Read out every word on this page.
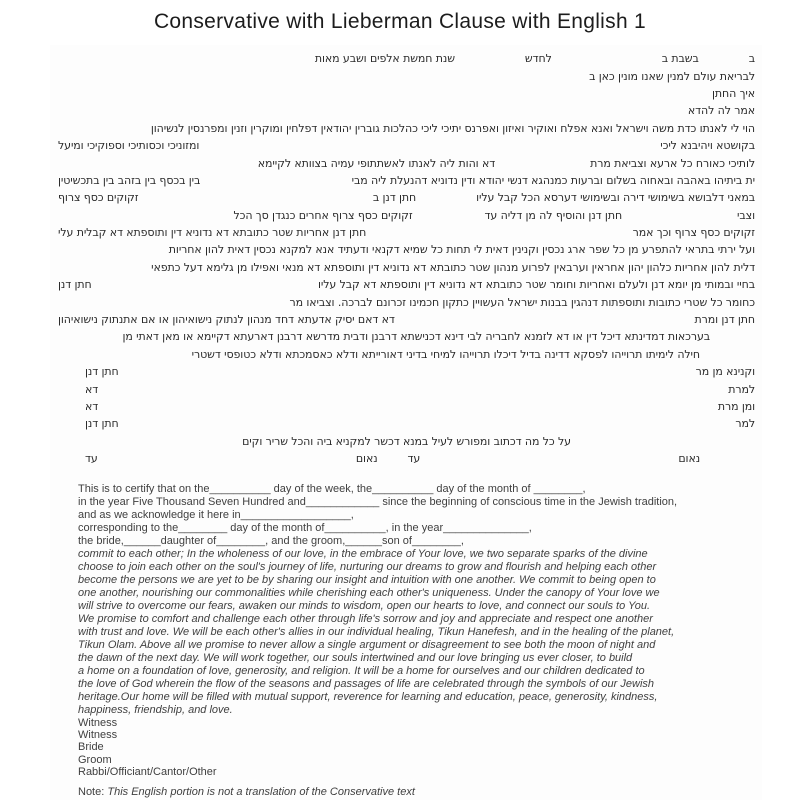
Conservative with Lieberman Clause with English 1
ב
בשבת ב
לחדש
שנת חמשת אלפים ושבע מאות
לבריאת עולם למנין שאנו מונין כאן ב
איך החתן
אמר לה להדא
הוי לי לאנתו כדת משה וישראל ואנא אפלח ואוקיר ואיזון ואפרנס יתיכי ליכי כהלכות גוברין יהודאין דפלחין ומוקרין וזנין ומפרנסין לנשיהון
בקושטא ויהיבנא ליכי
ומזוניכי וכסותיכי וספוקיכי ומיעל
לותיכי כאורח כל ארעא וצביאת מרת
דא והות ליה לאנתו לאשתתופי עמיה בצוותא לקיימא
ית ביתיהו באהבה ובאחוה בשלום וברעות כמנהגא דנשי יהודא ודין נדוניא דהנעלת ליה מבי
בין בכסף בין בזהב בין בתכשיטין
במאני דלבושא בשימושי דירה ובשימושי דערסא הכל קבל עליו
חתן דנן ב
זקוקים כסף צרוף
וצבי
חתן דנן והוסיף לה מן דליה עד
זקוקים כסף צרוף אחרים כנגדן סך הכל
זקוקים כסף צרוף וכך אמר
חתן דנן אחריות שטר כתובתא דא נדוניא דין ותוספתא דא קבלית עלי
ועל ירתי בתראי להתפרע מן כל שפר ארג נכסין וקנינין דאית לי תחות כל שמיא דקנאי ודעתיד אנא למקנא נכסין דאית להון אחריות
דלית להון אחריות כלהון יהון אחראין וערבאין לפרוע מנהון שטר כתובתא דא נדוניא דין ותוספתא דא מנאי ואפילו מן גלימא דעל כתפאי
בחיי ובמותי מן יומא דנן ולעלם ואחריות וחומר שטר כתובתא דא נדוניא דין ותוספתא דא קבל עליו
חתן דנן
כחומר כל שטרי כתובות ותוספתות דנהגין בבנות ישראל העשויין כתקון חכמינו זכרונם לברכה. וצביאו מר
חתן דנן ומרת
דא דאם יסיק אדעתא דחד מנהון לנתוק נישואיהון או אם אתנתוק נישואיהון
בערכאות דמדינתא דיכל דין או דא לזמנא לחבריה לבי דינא דכנישתא דרבנן ודבית מדרשא דרבנן דארעתא דקיימא או מאן דאתי מן
חילה לימיתו תרוייהו לפסקא דדינה בדיל דיכלו תרוייהו למיחי בדיני דאורייתא ודלא כאסמכתא ודלא כטופסי דשטרי
וקנינא מן מר
חתן דנן
למרת
דא
ומן מרת
דא
למר
חתן דנן
על כל מה דכתוב ומפורש לעיל במנא דכשר למקניא ביה והכל שריר וקים
נאום
עד
נאום
עד
This is to certify that on the__________ day of the week, the__________ day of the month of ________,
in the year Five Thousand Seven Hundred and____________ since the beginning of conscious time in the Jewish tradition,
and as we acknowledge it here in__________________,
corresponding to the________ day of the month of__________, in the year______________,
the bride,______daughter of________, and the groom,______son of________,
commit to each other; In the wholeness of our love, in the embrace of Your love, we two separate sparks of the divine
choose to join each other on the soul's journey of life, nurturing our dreams to grow and flourish and helping each other
become the persons we are yet to be by sharing our insight and intuition with one another. We commit to being open to
one another, nourishing our commonalities while cherishing each other's uniqueness. Under the canopy of Your love we
will strive to overcome our fears, awaken our minds to wisdom, open our hearts to love, and connect our souls to You.
We promise to comfort and challenge each other through life's sorrow and joy and appreciate and respect one another
with trust and love. We will be each other's allies in our individual healing, Tikun Hanefesh, and in the healing of the planet,
Tikun Olam. Above all we promise to never allow a single argument or disagreement to see both the moon of night and
the dawn of the next day. We will work together, our souls intertwined and our love bringing us ever closer, to build
a home on a foundation of love, generosity, and religion. It will be a home for ourselves and our children dedicated to
the love of God wherein the flow of the seasons and passages of life are celebrated through the symbols of our Jewish
heritage.Our home will be filled with mutual support, reverence for learning and education, peace, generosity, kindness,
happiness, friendship, and love.
Witness
Witness
Bride
Groom
Rabbi/Officiant/Cantor/Other
Note: This English portion is not a translation of the Conservative text
